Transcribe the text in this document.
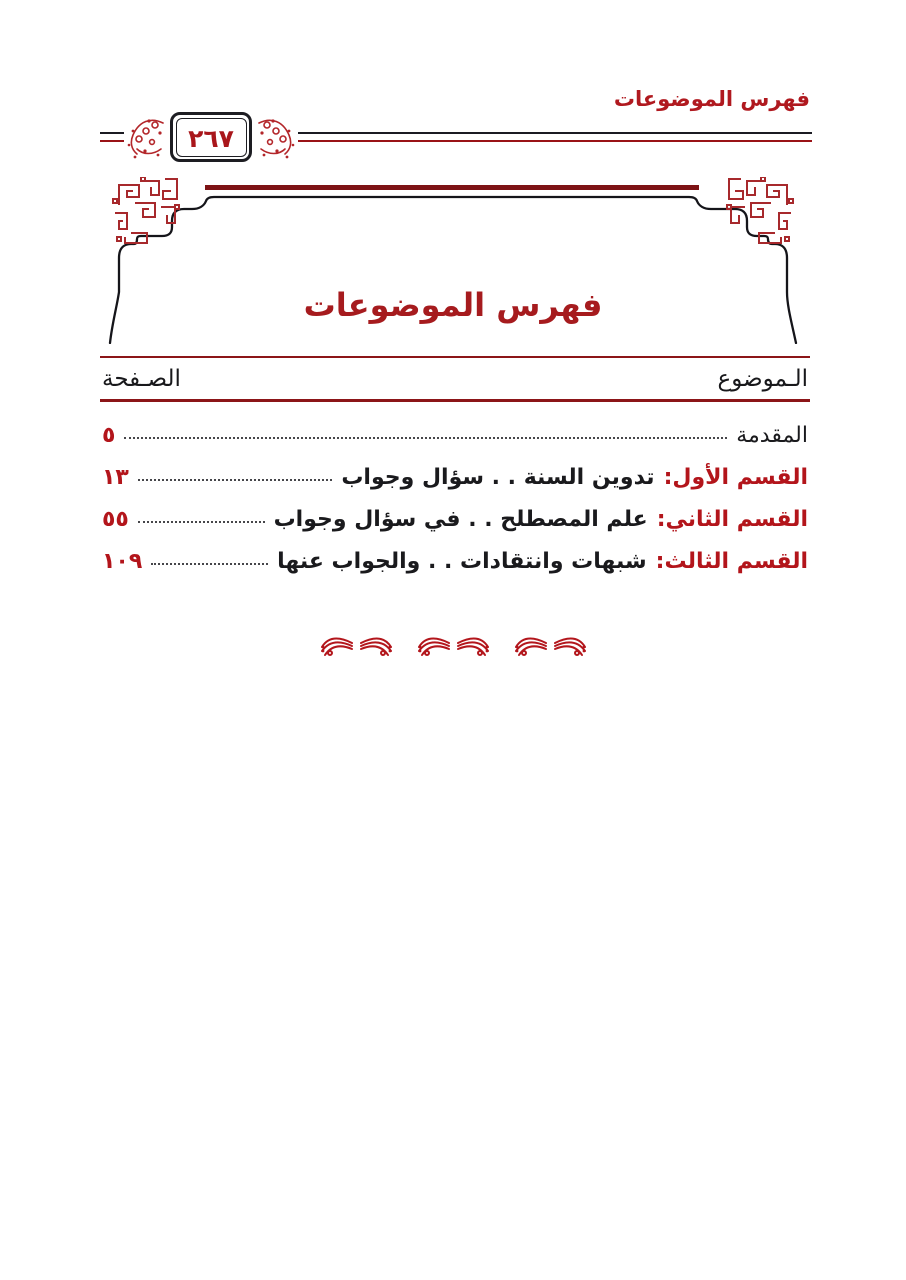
فهرس الموضوعات
٢٦٧
فهرس الموضوعات
الـموضوع
الصـفحة
المقدمة
٥
القسم الأول:
تدوين السنة . . سؤال وجواب
١٣
القسم الثاني:
علم المصطلح . . في سؤال وجواب
٥٥
القسم الثالث:
شبهات وانتقادات . . والجواب عنها
١٠٩
